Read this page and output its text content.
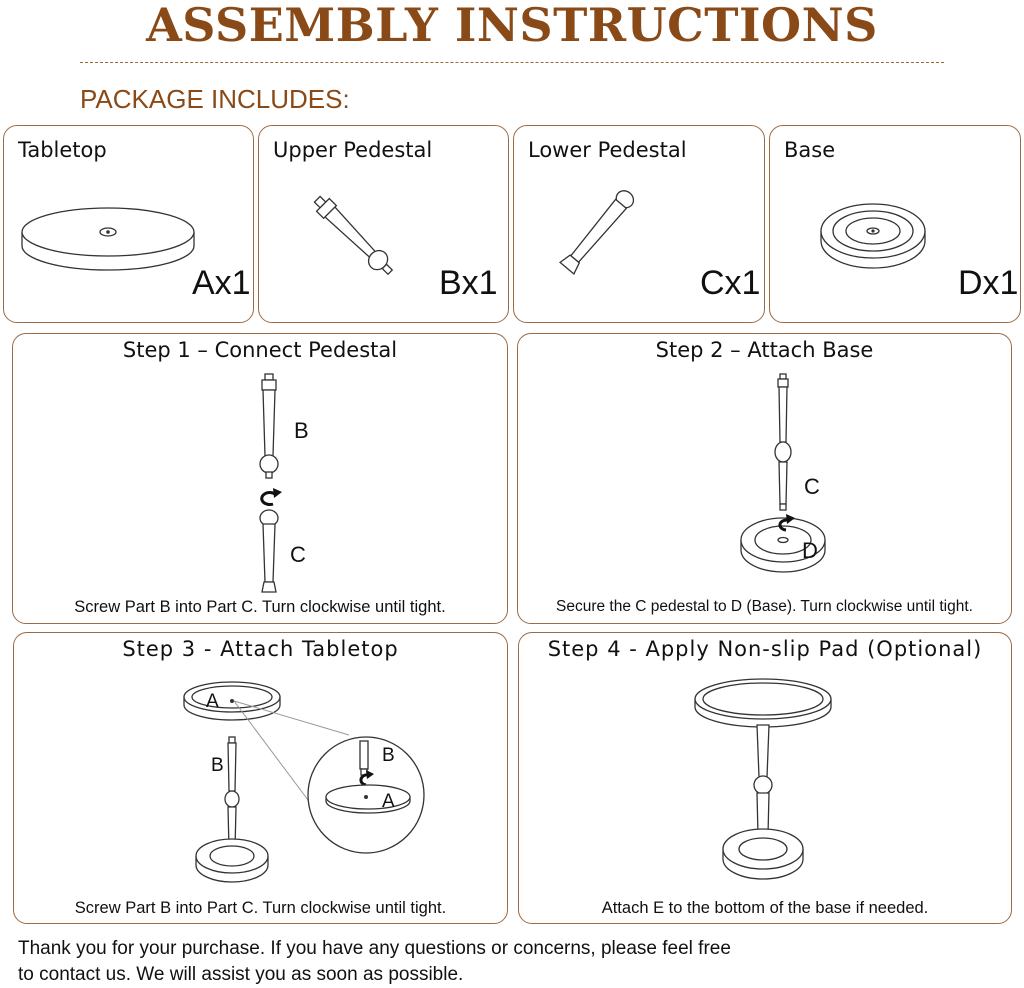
ASSEMBLY INSTRUCTIONS
PACKAGE INCLUDES:
Tabletop
Ax1
Upper Pedestal
Bx1
Lower Pedestal
Cx1
Base
Dx1
Step 1 – Connect Pedestal
B
C
Screw Part B into Part C. Turn clockwise until tight.
Step 2 – Attach Base
C
D
Secure the C pedestal to D (Base). Turn clockwise until tight.
Step 3 - Attach Tabletop
A
B	B
A
Screw Part B into Part C. Turn clockwise until tight.
Step 4 - Apply Non-slip Pad (Optional)
Attach E to the bottom of the base if needed.
Thank you for your purchase. If you have any questions or concerns, please feel free
to contact us. We will assist you as soon as possible.
